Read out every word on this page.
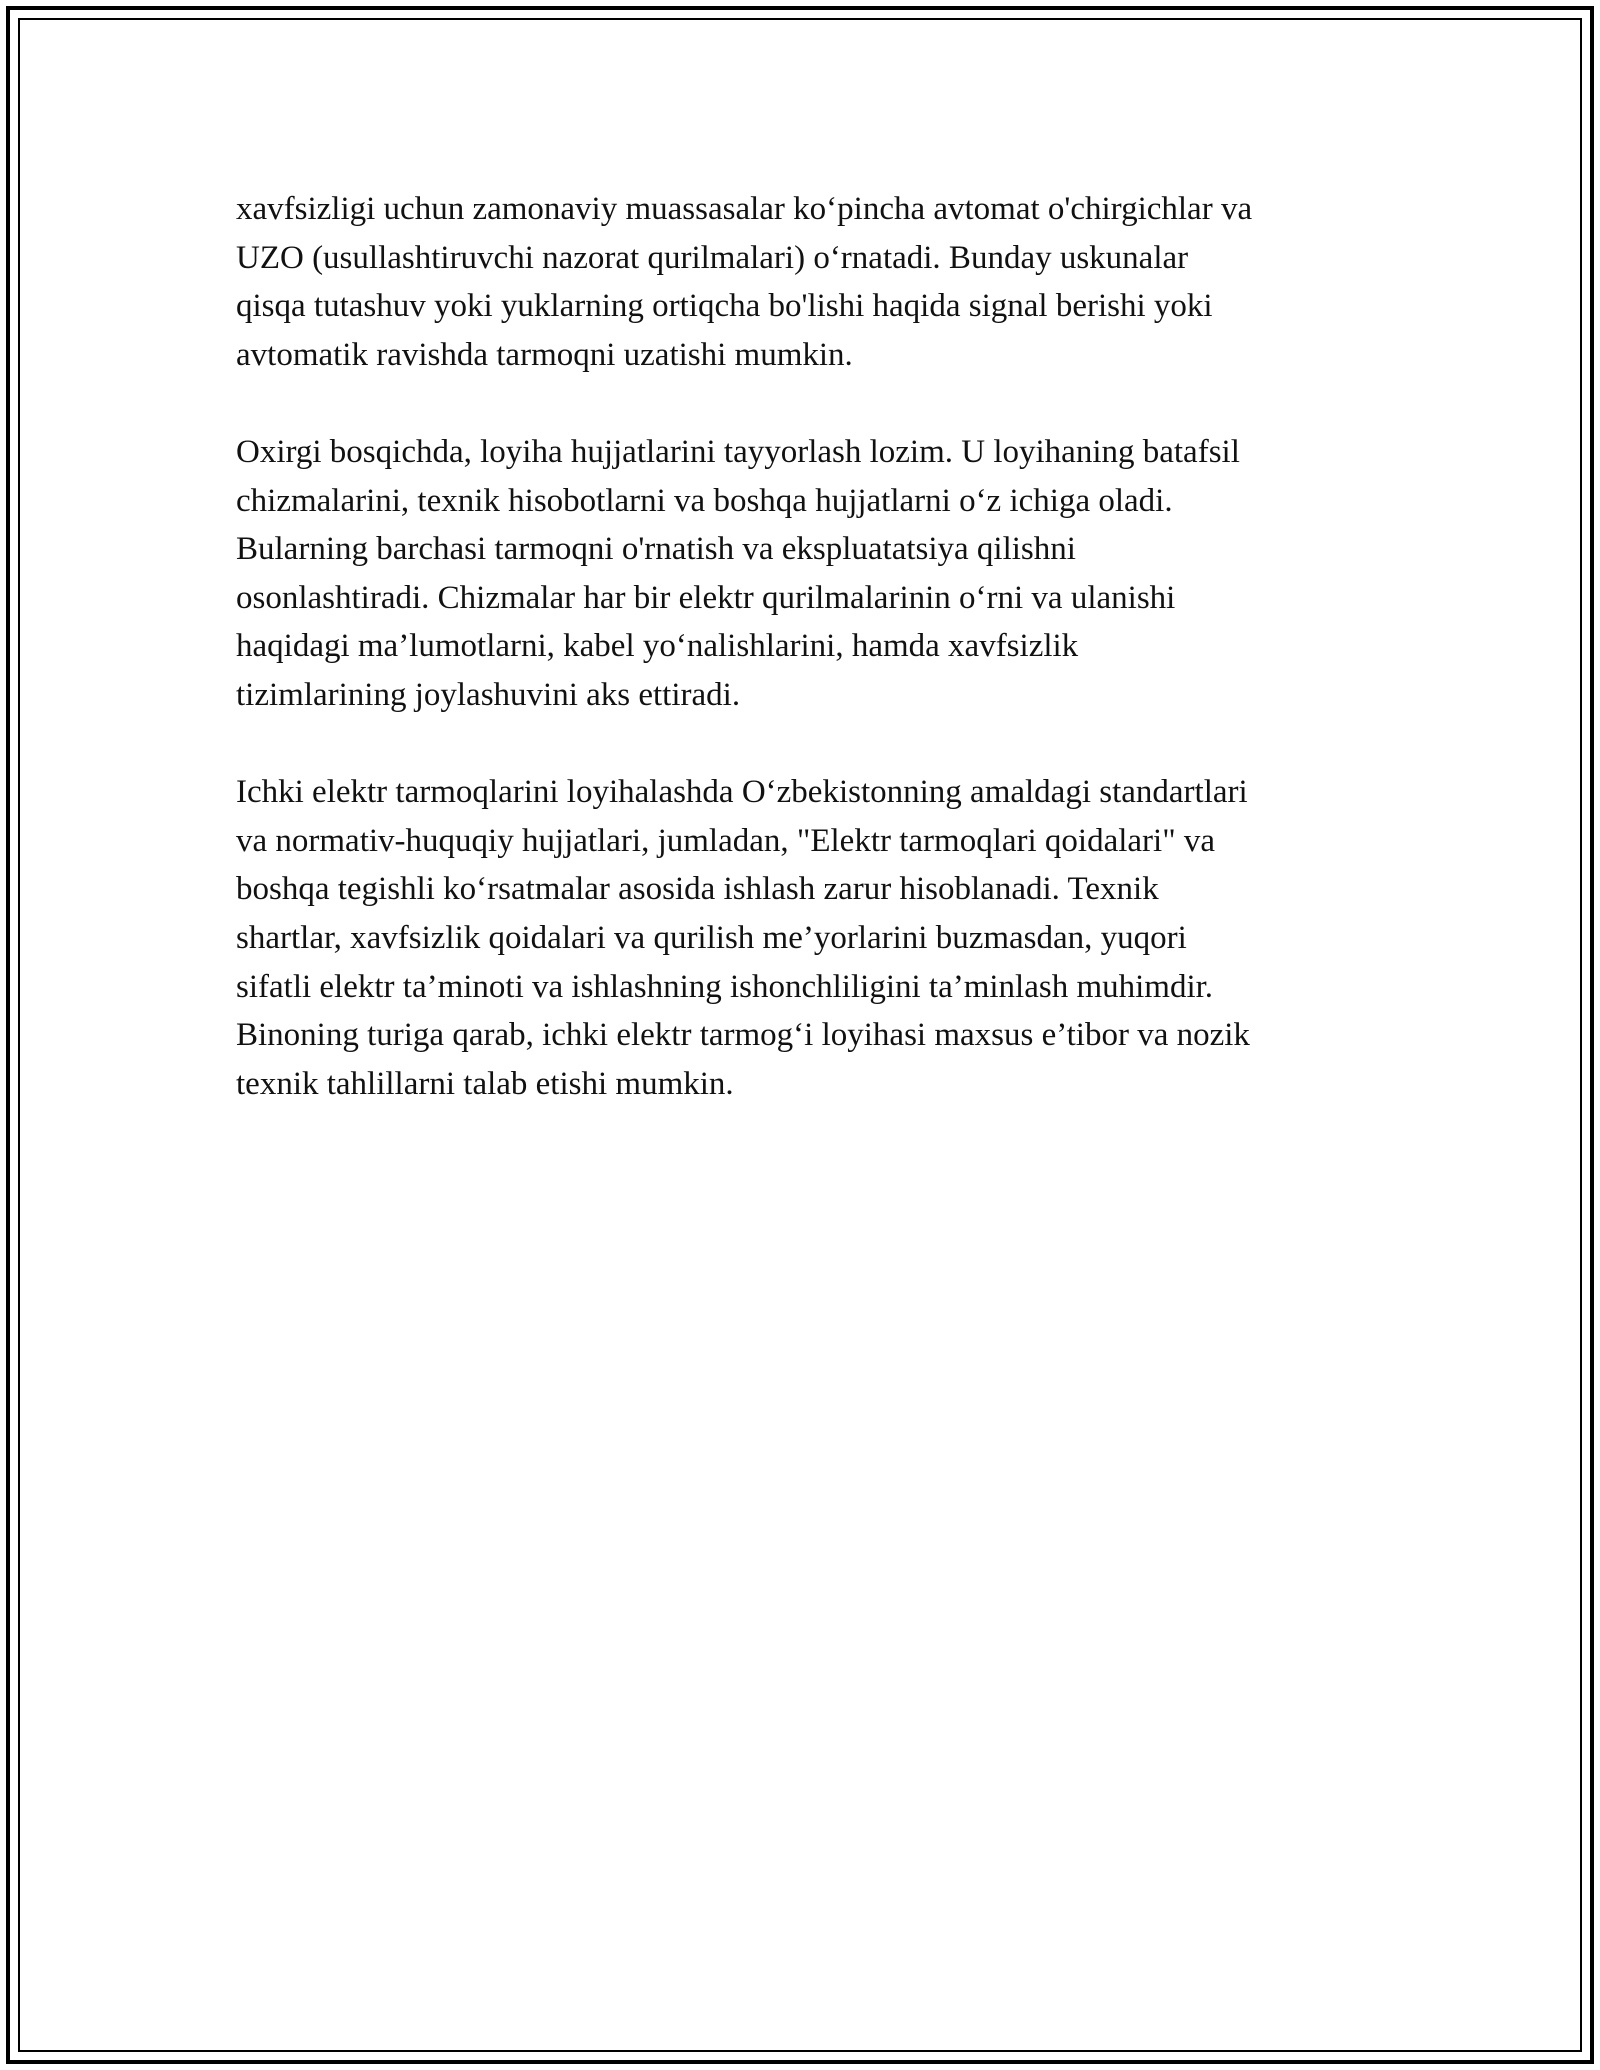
xavfsizligi uchun zamonaviy muassasalar ko‘pincha avtomat o'chirgichlar va
UZO (usullashtiruvchi nazorat qurilmalari) o‘rnatadi. Bunday uskunalar
qisqa tutashuv yoki yuklarning ortiqcha bo'lishi haqida signal berishi yoki
avtomatik ravishda tarmoqni uzatishi mumkin.

Oxirgi bosqichda, loyiha hujjatlarini tayyorlash lozim. U loyihaning batafsil
chizmalarini, texnik hisobotlarni va boshqa hujjatlarni o‘z ichiga oladi.
Bularning barchasi tarmoqni o'rnatish va ekspluatatsiya qilishni
osonlashtiradi. Chizmalar har bir elektr qurilmalarinin o‘rni va ulanishi
haqidagi ma’lumotlarni, kabel yo‘nalishlarini, hamda xavfsizlik
tizimlarining joylashuvini aks ettiradi.

Ichki elektr tarmoqlarini loyihalashda O‘zbekistonning amaldagi standartlari
va normativ-huquqiy hujjatlari, jumladan, "Elektr tarmoqlari qoidalari" va
boshqa tegishli ko‘rsatmalar asosida ishlash zarur hisoblanadi. Texnik
shartlar, xavfsizlik qoidalari va qurilish me’yorlarini buzmasdan, yuqori
sifatli elektr ta’minoti va ishlashning ishonchliligini ta’minlash muhimdir.
Binoning turiga qarab, ichki elektr tarmog‘i loyihasi maxsus e’tibor va nozik
texnik tahlillarni talab etishi mumkin.
